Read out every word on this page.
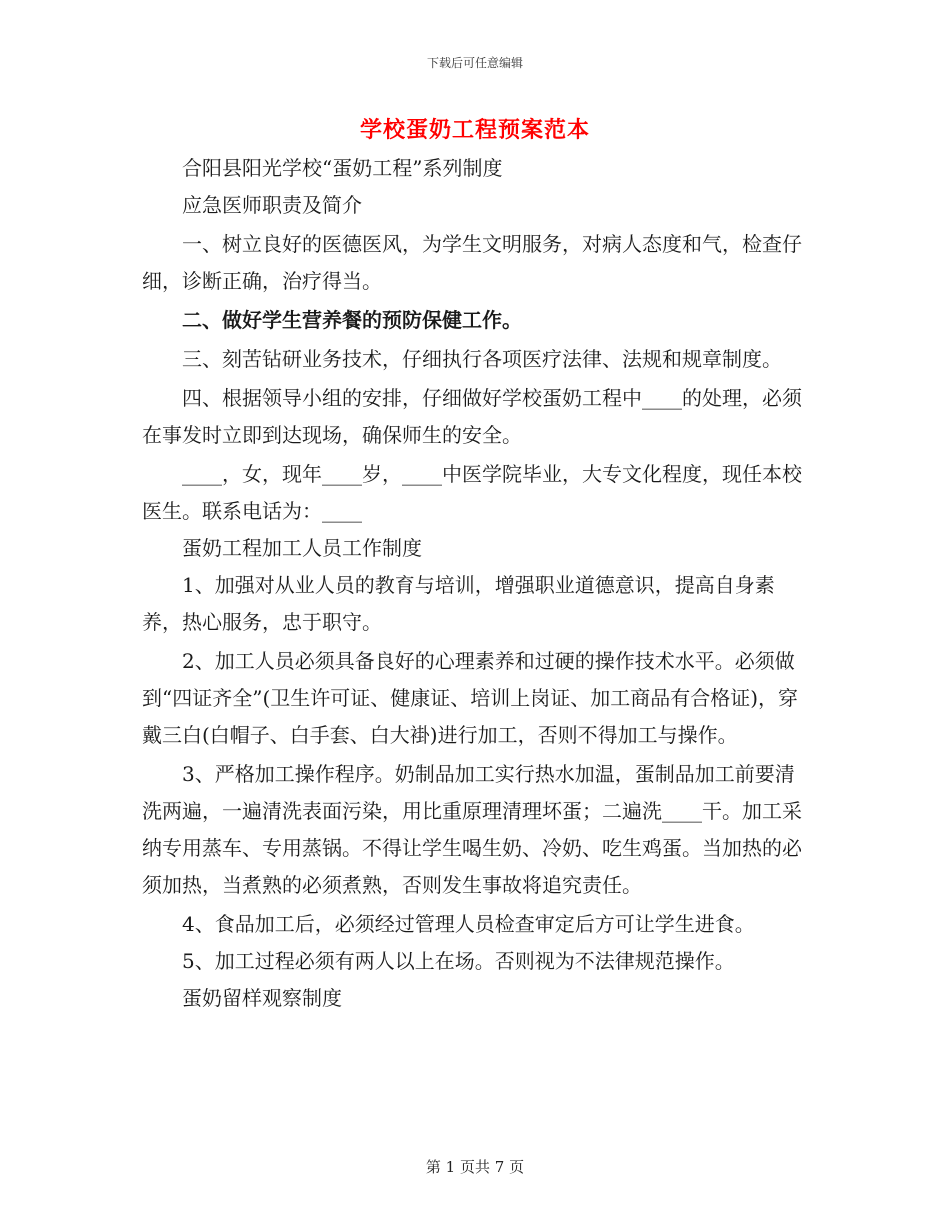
下载后可任意编辑
学校蛋奶工程预案范本

合阳县阳光学校“蛋奶工程”系列制度

应急医师职责及简介

一、树立良好的医德医风，为学生文明服务，对病人态度和气，检查仔细，诊断正确，治疗得当。

二、做好学生营养餐的预防保健工作。

三、刻苦钻研业务技术，仔细执行各项医疗法律、法规和规章制度。

四、根据领导小组的安排，仔细做好学校蛋奶工程中____的处理，必须在事发时立即到达现场，确保师生的安全。

____，女，现年____岁，____中医学院毕业，大专文化程度，现任本校医生。联系电话为：____

蛋奶工程加工人员工作制度

1、加强对从业人员的教育与培训，增强职业道德意识，提高自身素养，热心服务，忠于职守。

2、加工人员必须具备良好的心理素养和过硬的操作技术水平。必须做到“四证齐全”(卫生许可证、健康证、培训上岗证、加工商品有合格证)，穿戴三白(白帽子、白手套、白大褂)进行加工，否则不得加工与操作。

3、严格加工操作程序。奶制品加工实行热水加温，蛋制品加工前要清洗两遍，一遍清洗表面污染，用比重原理清理坏蛋；二遍洗____干。加工采纳专用蒸车、专用蒸锅。不得让学生喝生奶、冷奶、吃生鸡蛋。当加热的必须加热，当煮熟的必须煮熟，否则发生事故将追究责任。

4、食品加工后，必须经过管理人员检查审定后方可让学生进食。

5、加工过程必须有两人以上在场。否则视为不法律规范操作。

蛋奶留样观察制度

第 1 页共 7 页
